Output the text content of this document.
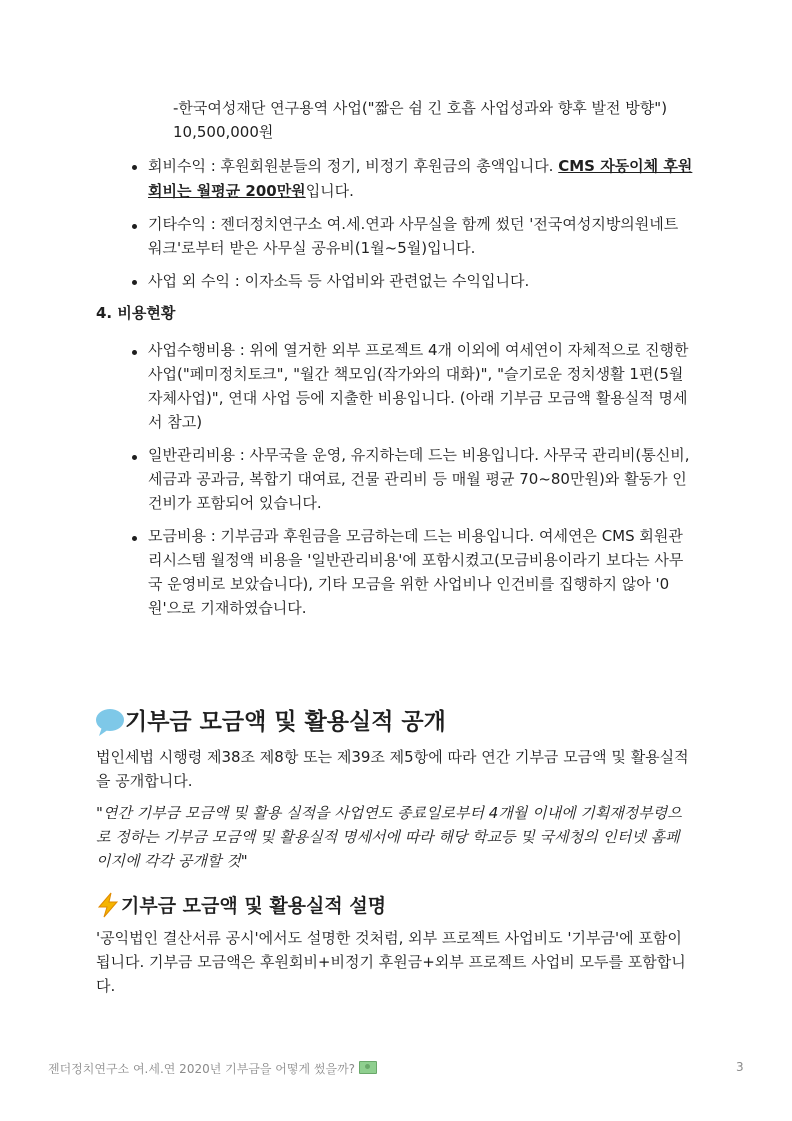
-한국여성재단 연구용역 사업("짧은 쉼 긴 호흡 사업성과와 향후 발전 방향")
10,500,000원
회비수익 : 후원회원분들의 정기, 비정기 후원금의 총액입니다. CMS 자동이체 후원
회비는 월평균 200만원입니다.
기타수익 : 젠더정치연구소 여.세.연과 사무실을 함께 썼던 '전국여성지방의원네트
워크'로부터 받은 사무실 공유비(1월~5월)입니다.
사업 외 수익 : 이자소득 등 사업비와 관련없는 수익입니다.
4. 비용현황
사업수행비용 : 위에 열거한 외부 프로젝트 4개 이외에 여세연이 자체적으로 진행한
사업("페미정치토크", "월간 책모임(작가와의 대화)", "슬기로운 정치생활 1편(5월
자체사업)", 연대 사업 등에 지출한 비용입니다. (아래 기부금 모금액 활용실적 명세
서 참고)
일반관리비용 : 사무국을 운영, 유지하는데 드는 비용입니다. 사무국 관리비(통신비,
세금과 공과금, 복합기 대여료, 건물 관리비 등 매월 평균 70~80만원)와 활동가 인
건비가 포함되어 있습니다.
모금비용 : 기부금과 후원금을 모금하는데 드는 비용입니다. 여세연은 CMS 회원관
리시스템 월정액 비용을 '일반관리비용'에 포함시켰고(모금비용이라기 보다는 사무
국 운영비로 보았습니다), 기타 모금을 위한 사업비나 인건비를 집행하지 않아 '0
원'으로 기재하였습니다.
기부금 모금액 및 활용실적 공개
법인세법 시행령 제38조 제8항 또는 제39조 제5항에 따라 연간 기부금 모금액 및 활용실적
을 공개합니다.
"연간 기부금 모금액 및 활용 실적을 사업연도 종료일로부터 4개월 이내에 기획재정부령으
로 정하는 기부금 모금액 및 활용실적 명세서에 따라 해당 학교등 및 국세청의 인터넷 홈페
이지에 각각 공개할 것"
기부금 모금액 및 활용실적 설명
'공익법인 결산서류 공시'에서도 설명한 것처럼, 외부 프로젝트 사업비도 '기부금'에 포함이
됩니다. 기부금 모금액은 후원회비+비정기 후원금+외부 프로젝트 사업비 모두를 포함합니
다.
젠더정치연구소 여.세.연 2020년 기부금을 어떻게 썼을까?	3
